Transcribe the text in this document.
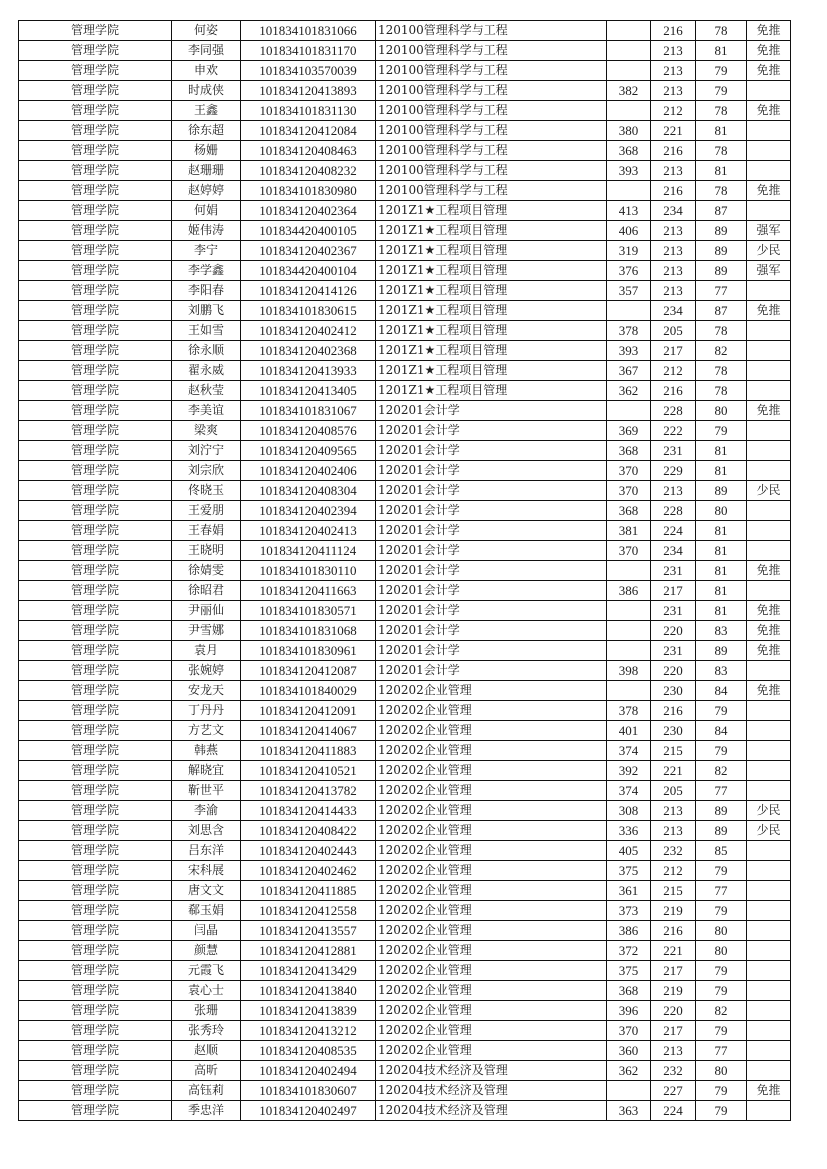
管理学院	何姿	101834101831066	120100管理科学与工程		216	78	免推
管理学院	李同强	101834101831170	120100管理科学与工程		213	81	免推
管理学院	申欢	101834103570039	120100管理科学与工程		213	79	免推
管理学院	时成侠	101834120413893	120100管理科学与工程	382	213	79	
管理学院	王鑫	101834101831130	120100管理科学与工程		212	78	免推
管理学院	徐东超	101834120412084	120100管理科学与工程	380	221	81	
管理学院	杨姗	101834120408463	120100管理科学与工程	368	216	78	
管理学院	赵珊珊	101834120408232	120100管理科学与工程	393	213	81	
管理学院	赵婷婷	101834101830980	120100管理科学与工程		216	78	免推
管理学院	何娟	101834120402364	1201Z1★工程项目管理	413	234	87	
管理学院	姬伟涛	101834420400105	1201Z1★工程项目管理	406	213	89	强军
管理学院	李宁	101834120402367	1201Z1★工程项目管理	319	213	89	少民
管理学院	李学鑫	101834420400104	1201Z1★工程项目管理	376	213	89	强军
管理学院	李阳春	101834120414126	1201Z1★工程项目管理	357	213	77	
管理学院	刘鹏飞	101834101830615	1201Z1★工程项目管理		234	87	免推
管理学院	王如雪	101834120402412	1201Z1★工程项目管理	378	205	78	
管理学院	徐永顺	101834120402368	1201Z1★工程项目管理	393	217	82	
管理学院	翟永威	101834120413933	1201Z1★工程项目管理	367	212	78	
管理学院	赵秋莹	101834120413405	1201Z1★工程项目管理	362	216	78	
管理学院	李美谊	101834101831067	120201会计学		228	80	免推
管理学院	梁爽	101834120408576	120201会计学	369	222	79	
管理学院	刘泞宁	101834120409565	120201会计学	368	231	81	
管理学院	刘宗欣	101834120402406	120201会计学	370	229	81	
管理学院	佟晓玉	101834120408304	120201会计学	370	213	89	少民
管理学院	王爱朋	101834120402394	120201会计学	368	228	80	
管理学院	王春娟	101834120402413	120201会计学	381	224	81	
管理学院	王晓明	101834120411124	120201会计学	370	234	81	
管理学院	徐婧雯	101834101830110	120201会计学		231	81	免推
管理学院	徐昭君	101834120411663	120201会计学	386	217	81	
管理学院	尹丽仙	101834101830571	120201会计学		231	81	免推
管理学院	尹雪娜	101834101831068	120201会计学		220	83	免推
管理学院	袁月	101834101830961	120201会计学		231	89	免推
管理学院	张婉婷	101834120412087	120201会计学	398	220	83	
管理学院	安龙天	101834101840029	120202企业管理		230	84	免推
管理学院	丁丹丹	101834120412091	120202企业管理	378	216	79	
管理学院	方艺文	101834120414067	120202企业管理	401	230	84	
管理学院	韩燕	101834120411883	120202企业管理	374	215	79	
管理学院	解晓宜	101834120410521	120202企业管理	392	221	82	
管理学院	靳世平	101834120413782	120202企业管理	374	205	77	
管理学院	李渝	101834120414433	120202企业管理	308	213	89	少民
管理学院	刘思含	101834120408422	120202企业管理	336	213	89	少民
管理学院	吕东洋	101834120402443	120202企业管理	405	232	85	
管理学院	宋科展	101834120402462	120202企业管理	375	212	79	
管理学院	唐文文	101834120411885	120202企业管理	361	215	77	
管理学院	郗玉娟	101834120412558	120202企业管理	373	219	79	
管理学院	闫晶	101834120413557	120202企业管理	386	216	80	
管理学院	颜慧	101834120412881	120202企业管理	372	221	80	
管理学院	元霞飞	101834120413429	120202企业管理	375	217	79	
管理学院	袁心士	101834120413840	120202企业管理	368	219	79	
管理学院	张珊	101834120413839	120202企业管理	396	220	82	
管理学院	张秀玲	101834120413212	120202企业管理	370	217	79	
管理学院	赵顺	101834120408535	120202企业管理	360	213	77	
管理学院	高昕	101834120402494	120204技术经济及管理	362	232	80	
管理学院	高钰莉	101834101830607	120204技术经济及管理		227	79	免推
管理学院	季忠洋	101834120402497	120204技术经济及管理	363	224	79	
